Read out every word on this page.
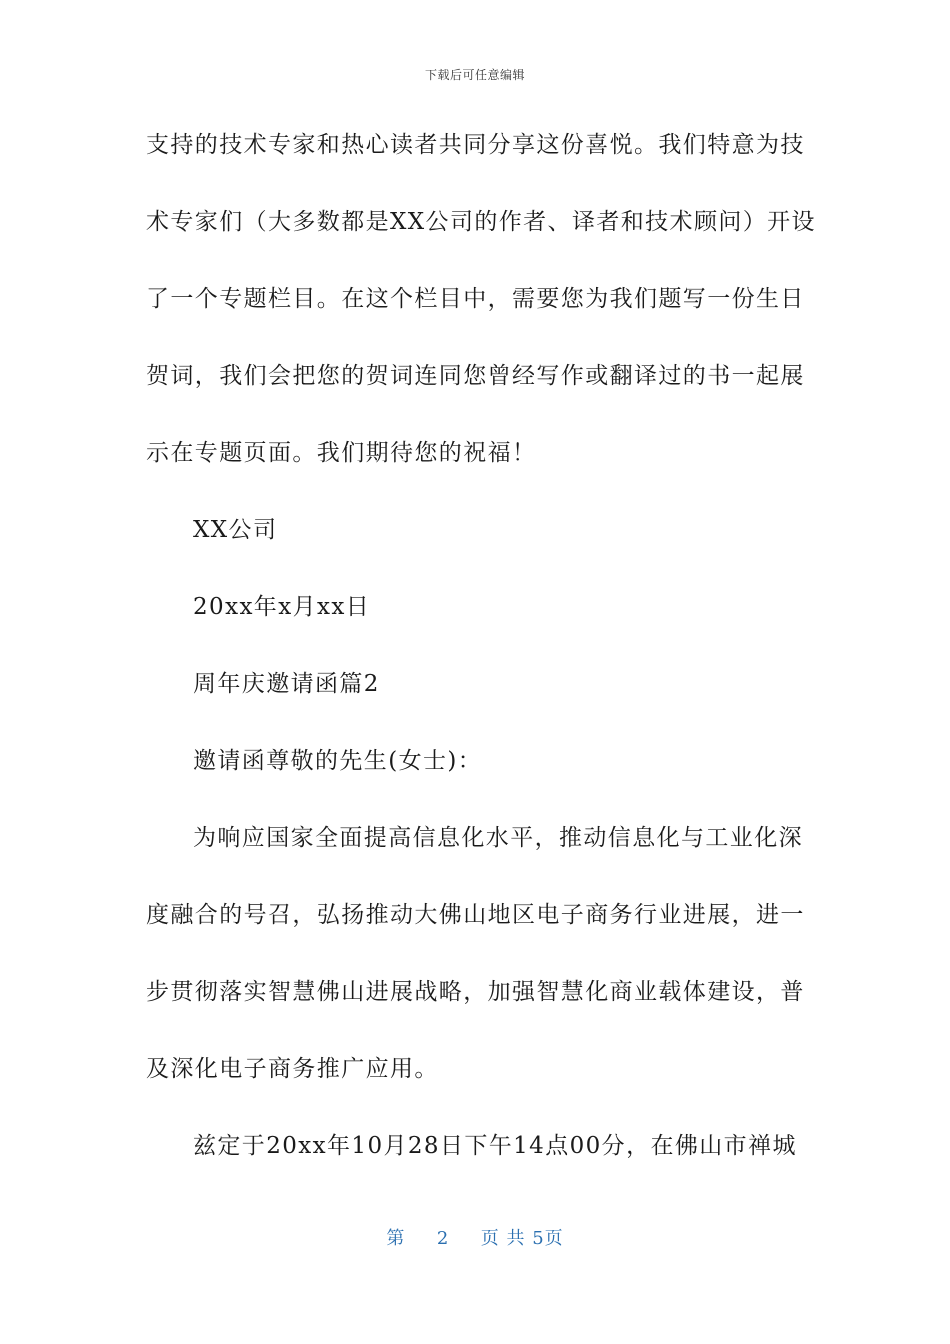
下载后可任意编辑
支持的技术专家和热心读者共同分享这份喜悦。我们特意为技
术专家们（大多数都是XX公司的作者、译者和技术顾问）开设
了一个专题栏目。在这个栏目中，需要您为我们题写一份生日
贺词，我们会把您的贺词连同您曾经写作或翻译过的书一起展
示在专题页面。我们期待您的祝福！
XX公司
20xx年x月xx日
周年庆邀请函篇2
邀请函尊敬的先生(女士)：
为响应国家全面提高信息化水平，推动信息化与工业化深
度融合的号召，弘扬推动大佛山地区电子商务行业进展，进一
步贯彻落实智慧佛山进展战略，加强智慧化商业载体建设，普
及深化电子商务推广应用。
兹定于20xx年10月28日下午14点00分，在佛山市禅城
第 2 页 共 5页
